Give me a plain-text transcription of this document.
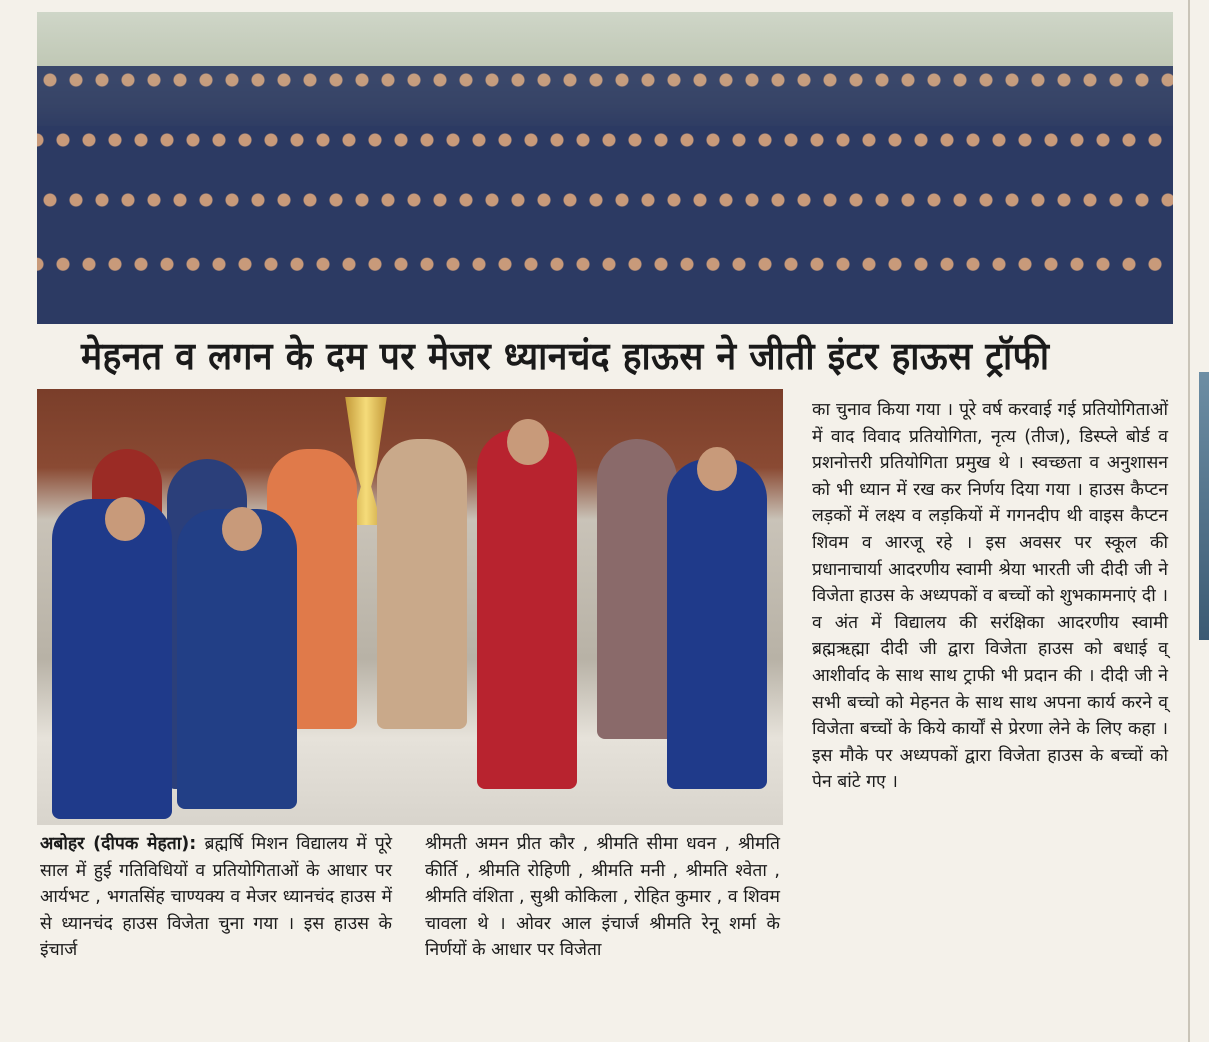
मेहनत व लगन के दम पर मेजर ध्यानचंद हाऊस ने जीती इंटर हाऊस ट्रॉफी

का चुनाव किया गया । पूरे वर्ष करवाई गई प्रतियोगिताओं में वाद विवाद प्रतियोगिता, नृत्य (तीज), डिस्प्ले बोर्ड व प्रशनोत्तरी प्रतियोगिता प्रमुख थे । स्वच्छता व अनुशासन को भी ध्यान में रख कर निर्णय दिया गया । हाउस कैप्टन लड़कों में लक्ष्य व लड़कियों में गगनदीप थी वाइस कैप्टन शिवम व आरजू रहे । इस अवसर पर स्कूल की प्रधानाचार्या आदरणीय स्वामी श्रेया भारती जी दीदी जी ने विजेता हाउस के अध्यपकों व बच्चों को शुभकामनाएं दी । व अंत में विद्यालय की सरंक्षिका आदरणीय स्वामी ब्रह्मऋह्मा दीदी जी द्वारा विजेता हाउस को बधाई व् आशीर्वाद के साथ साथ ट्राफी भी प्रदान की । दीदी जी ने सभी बच्चो को मेहनत के साथ साथ अपना कार्य करने व् विजेता बच्चों के किये कार्यों से प्रेरणा लेने के लिए कहा । इस मौके पर अध्यपकों द्वारा विजेता हाउस के बच्चों को पेन बांटे गए ।

अबोहर (दीपक मेहता): ब्रह्मर्षि मिशन विद्यालय में पूरे साल में हुई गतिविधियों व प्रतियोगिताओं के आधार पर आर्यभट , भगतसिंह चाण्यक्य व मेजर ध्यानचंद हाउस में से ध्यानचंद हाउस विजेता चुना गया । इस हाउस के इंचार्ज

श्रीमती अमन प्रीत कौर , श्रीमति सीमा धवन , श्रीमति कीर्ति , श्रीमति रोहिणी , श्रीमति मनी , श्रीमति श्वेता , श्रीमति वंशिता , सुश्री कोकिला , रोहित कुमार , व शिवम चावला थे । ओवर आल इंचार्ज श्रीमति रेनू शर्मा के निर्णयों के आधार पर विजेता
